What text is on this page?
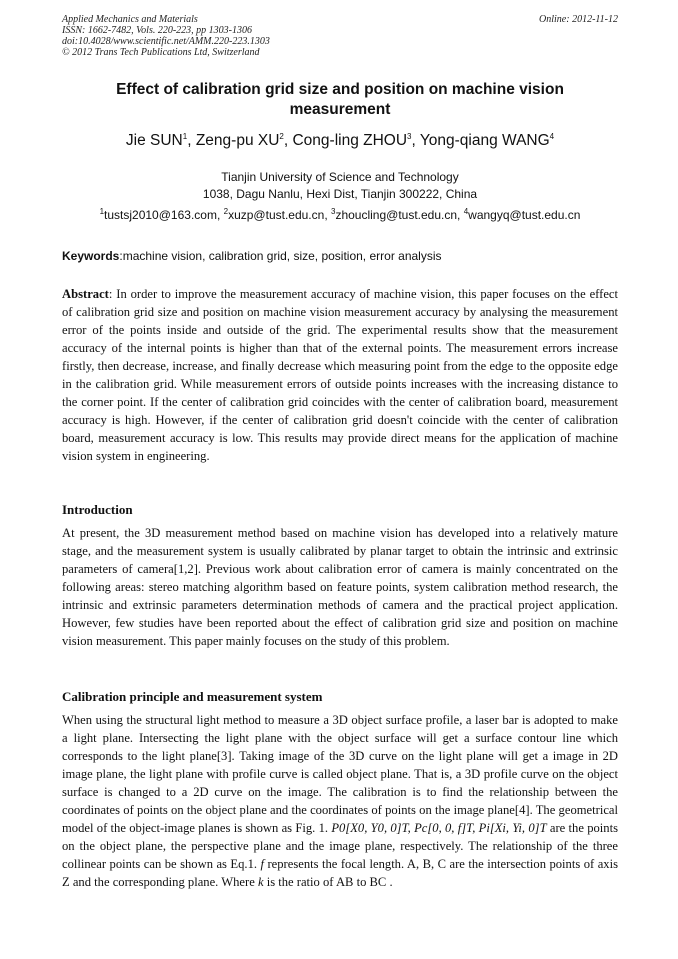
Applied Mechanics and Materials
ISSN: 1662-7482, Vols. 220-223, pp 1303-1306
doi:10.4028/www.scientific.net/AMM.220-223.1303
© 2012 Trans Tech Publications Ltd, Switzerland
Online: 2012-11-12
Effect of calibration grid size and position on machine vision
measurement
Jie SUN$^1$, Zeng-pu $XU^2$, Cong-ling ZHOU$^3$, Yong-qiang WANG$^4$
Tianjin University of Science and Technology
1038, Dagu Nanlu, Hexi Dist, Tianjin 300222, China
$^1$tustsj2010@163.com, $^2$xuzp@tust.edu.cn, $^3$zhoucling@tust.edu.cn, $^4$wangyq@tust.edu.cn
Keywords:machine vision, calibration grid, size, position, error analysis
Abstract: In order to improve the measurement accuracy of machine vision, this paper focuses on the effect of calibration grid size and position on machine vision measurement accuracy by analysing the measurement error of the points inside and outside of the grid. The experimental results show that the measurement accuracy of the internal points is higher than that of the external points. The measurement errors increase firstly, then decrease, increase, and finally decrease which measuring point from the edge to the opposite edge in the calibration grid. While measurement errors of outside points increases with the increasing distance to the corner point. If the center of calibration grid coincides with the center of calibration board, measurement accuracy is high. However, if the center of calibration grid doesn't coincide with the center of calibration board, measurement accuracy is low. This results may provide direct means for the application of machine vision system in engineering.
Introduction
At present, the 3D measurement method based on machine vision has developed into a relatively mature stage, and the measurement system is usually calibrated by planar target to obtain the intrinsic and extrinsic parameters of camera[1,2]. Previous work about calibration error of camera is mainly concentrated on the following areas: stereo matching algorithm based on feature points, system calibration method research, the intrinsic and extrinsic parameters determination methods of camera and the practical project application. However, few studies have been reported about the effect of calibration grid size and position on machine vision measurement. This paper mainly focuses on the study of this problem.
Calibration principle and measurement system
When using the structural light method to measure a 3D object surface profile, a laser bar is adopted to make a light plane. Intersecting the light plane with the object surface will get a surface contour line which corresponds to the light plane[3]. Taking image of the 3D curve on the light plane will get a image in 2D image plane, the light plane with profile curve is called object plane. That is, a 3D profile curve on the object surface is changed to a 2D curve on the image. The calibration is to find the relationship between the coordinates of points on the object plane and the coordinates of points on the image plane[4]. The geometrical model of the object-image planes is shown as Fig. 1. P0[X0, Y0, 0]T, Pc[0, 0, f]T, Pi[Xi, Yi, 0]T are the points on the object plane, the perspective plane and the image plane, respectively. The relationship of the three collinear points can be shown as Eq.1. f represents the focal length. A, B, C are the intersection points of axis Z and the corresponding plane. Where k is the ratio of AB to BC .
